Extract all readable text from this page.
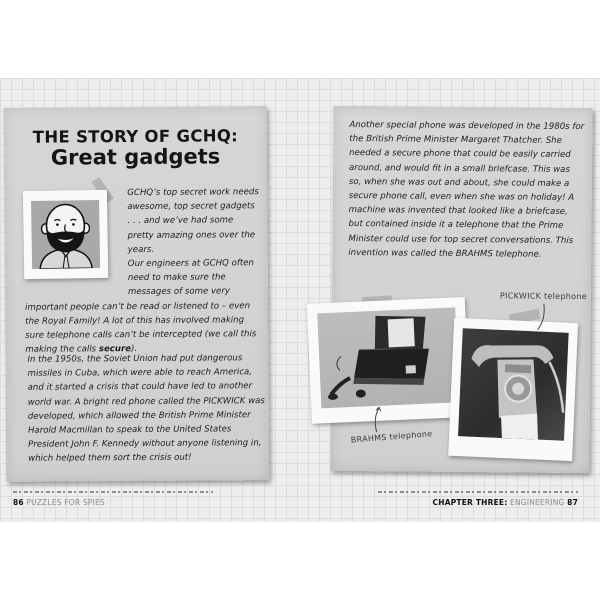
THE STORY OF GCHQ:
Great gadgets
GCHQ’s top secret work needs awesome, top secret gadgets . . . and we’ve had some pretty amazing ones over the years.
Our engineers at GCHQ often need to make sure the messages of some very
important people can’t be read or listened to – even the Royal Family! A lot of this has involved making sure telephone calls can’t be intercepted (we call this making the calls secure).
In the 1950s, the Soviet Union had put dangerous missiles in Cuba, which were able to reach America, and it started a crisis that could have led to another world war. A bright red phone called the PICKWICK was developed, which allowed the British Prime Minister Harold Macmillan to speak to the United States President John F. Kennedy without anyone listening in, which helped them sort the crisis out!
Another special phone was developed in the 1980s for the British Prime Minister Margaret Thatcher. She needed a secure phone that could be easily carried around, and would fit in a small briefcase. This was so, when she was out and about, she could make a secure phone call, even when she was on holiday! A machine was invented that looked like a briefcase, but contained inside it a telephone that the Prime Minister could use for top secret conversations. This invention was called the BRAHMS telephone.
BRAHMS telephone
PICKWICK telephone
86 PUZZLES FOR SPIES	CHAPTER THREE: ENGINEERING 87
